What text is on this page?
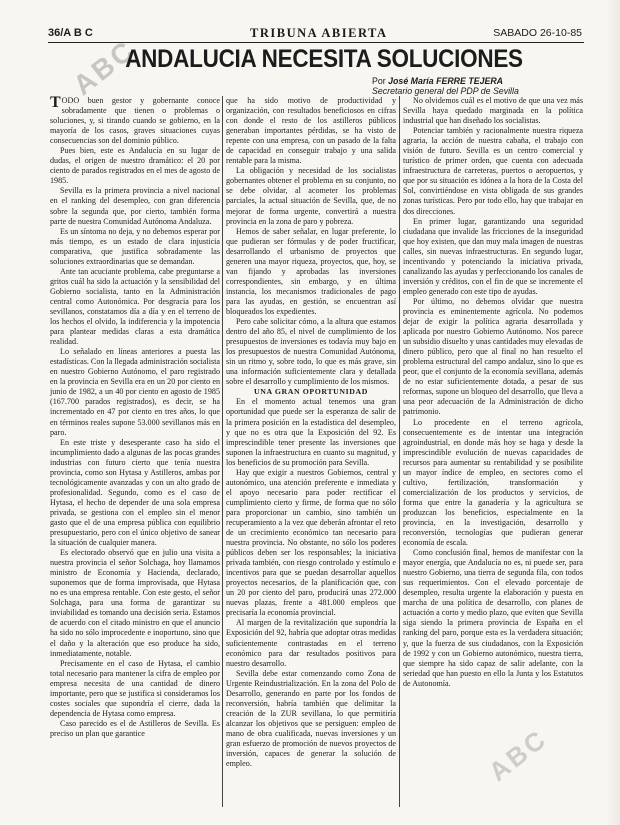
ABC
36/A B C	TRIBUNA ABIERTA	SABADO 26-10-85
ANDALUCIA NECESITA SOLUCIONES
Por José María FERRE TEJERA
Secretario general del PDP de Sevilla

TODO buen gestor y gobernante conoce sobradamente que tienen o problemas o soluciones, y, si tirando cuando se gobierno, en la mayoría de los casos, graves situaciones cuyas consecuencias son del dominio público.

Pues bien, este es Andalucía en su lugar de dudas, el origen de nuestro dramático: el 20 por ciento de parados registrados en el mes de agosto de 1985.

Sevilla es la primera provincia a nivel nacional en el ranking del desempleo, con gran diferencia sobre la segunda que, por cierto, también forma parte de nuestra Comunidad Autónoma Andaluza.

Es un síntoma no deja, y no debemos esperar por más tiempo, es un estado de clara injusticia comparativa, que justifica sobradamente las soluciones extraordinarias que se demandan.

Ante tan acuciante problema, cabe preguntarse a gritos cuál ha sido la actuación y la sensibilidad del Gobierno socialista, tanto en la Administración central como Autonómica. Por desgracia para los sevillanos, constatamos día a día y en el terreno de los hechos el olvido, la indiferencia y la impotencia para plantear medidas claras a esta dramática realidad.

Lo señalado en líneas anteriores a puesta las estadísticas. Con la llegada administración socialista en nuestro Gobierno Autónomo, el paro registrado en la provincia en Sevilla era en un 20 por ciento en junio de 1982, a un 40 por ciento en agosto de 1985 (167.700 parados registrados), es decir, se ha incrementado en 47 por ciento en tres años, lo que en términos reales supone 53.000 sevillanos más en paro.

En este triste y desesperante caso ha sido el incumplimiento dado a algunas de las pocas grandes industrias con futuro cierto que tenía nuestra provincia, como son Hytasa y Astilleros, ambas por tecnológicamente avanzadas y con un alto grado de profesionalidad. Segundo, como es el caso de Hytasa, el hecho de depender de una sola empresa privada, se gestiona con el empleo sin el menor gasto que el de una empresa pública con equilibrio presupuestario, pero con el único objetivo de sanear la situación de cualquier manera.

Es electorado observó que en julio una visita a nuestra provincia el señor Solchaga, hoy llamamos ministro de Economía y Hacienda, declarado, suponemos que de forma improvisada, que Hytasa no es una empresa rentable. Con este gesto, el señor Solchaga, para una forma de garantizar su inviabilidad es tomando una decisión seria. Estamos de acuerdo con el citado ministro en que el anuncio ha sido no sólo improcedente e inoportuno, sino que el daño y la alteración que eso produce ha sido, inmediatamente, notable.

Precisamente en el caso de Hytasa, el cambio total necesario para mantener la cifra de empleo por empresa necesita de una cantidad de dinero importante, pero que se justifica si consideramos los costes sociales que supondría el cierre, dada la dependencia de Hytasa como empresa.

Caso parecido es el de Astilleros de Sevilla. Es preciso un plan que garantice

que ha sido motivo de productividad y organización, con resultados beneficiosos en cifras con donde el resto de los astilleros públicos generaban importantes pérdidas, se ha visto de repente con una empresa, con un pasado de la falta de capacidad en conseguir trabajo y una salida rentable para la misma.

La obligación y necesidad de los socialistas gobernantes obtener el problema en su conjunto, no se debe olvidar, al acometer los problemas parciales, la actual situación de Sevilla, que, de no mejorar de forma urgente, convertirá a nuestra provincia en la zona de paro y pobreza.

Hemos de saber señalar, en lugar preferente, lo que pudieran ser fórmulas y de poder fructificar, desarrollando el urbanismo de proyectos que generen una mayor riqueza, proyectos, que, hoy, se van fijando y aprobadas las inversiones correspondientes, sin embargo, y en última instancia, los mecanismos tradicionales de pago para las ayudas, en gestión, se encuentran así bloqueados los expedientes.

Pero cabe solicitar cómo, a la altura que estamos dentro del año 85, el nivel de cumplimiento de los presupuestos de inversiones es todavía muy bajo en los presupuestos de nuestra Comunidad Autónoma, sin un ritmo y, sobre todo, lo que es más grave, sin una información suficientemente clara y detallada sobre el desarrollo y cumplimiento de los mismos.

UNA GRAN OPORTUNIDAD

En el momento actual tenemos una gran oportunidad que puede ser la esperanza de salir de la primera posición en la estadística del desempleo, y que no es otra que la Exposición del 92. Es imprescindible tener presente las inversiones que suponen la infraestructura en cuanto su magnitud, y los beneficios de su promoción para Sevilla.

Hay que exigir a nuestros Gobiernos, central y autonómico, una atención preferente e inmediata y el apoyo necesario para poder rectificar el cumplimiento cierto y firme, de forma que no sólo para proporcionar un cambio, sino también un recuperamiento a la vez que deberán afrontar el reto de un crecimiento económico tan necesario para nuestra provincia. No obstante, no sólo los poderes públicos deben ser los responsables; la iniciativa privada también, con riesgo controlado y estímulo e incentivos para que se puedan desarrollar aquellos proyectos necesarios, de la planificación que, con un 20 por ciento del paro, producirá unas 272.000 nuevas plazas, frente a 481.000 empleos que precisaría la economía provincial.

Al margen de la revitalización que supondría la Exposición del 92, habría que adoptar otras medidas suficientemente contrastadas en el terreno económico para dar resultados positivos para nuestro desarrollo.

Sevilla debe estar comenzando como Zona de Urgente Reindustrialización. En la zona del Polo de Desarrollo, generando en parte por los fondos de reconversión, habría también que delimitar la creación de la ZUR sevillana, lo que permitiría alcanzar los objetivos que se persiguen: empleo de mano de obra cualificada, nuevas inversiones y un gran esfuerzo de promoción de nuevos proyectos de inversión, capaces de generar la solución de empleo.

No olvidemos cuál es el motivo de que una vez más Sevilla haya quedado marginada en la política industrial que han diseñado los socialistas.

Potenciar también y racionalmente nuestra riqueza agraria, la acción de nuestra cabaña, el trabajo con visión de futuro. Sevilla es un centro comercial y turístico de primer orden, que cuenta con adecuada infraestructura de carreteras, puertos o aeropuertos, y que por su situación es idónea a la hora de la Costa del Sol, convirtiéndose en vista obligada de sus grandes zonas turísticas. Pero por todo ello, hay que trabajar en dos direcciones.

En primer lugar, garantizando una seguridad ciudadana que invalide las fricciones de la inseguridad que hoy existen, que dan muy mala imagen de nuestras calles, sin nuevas infraestructuras. En segundo lugar, incentivando y potenciando la iniciativa privada, canalizando las ayudas y perfeccionando los canales de inversión y créditos, con el fin de que se incremente el empleo generado con este tipo de ayudas.

Por último, no debemos olvidar que nuestra provincia es eminentemente agrícola. No podemos dejar de exigir la política agraria desarrollada y aplicada por nuestro Gobierno Autónomo. Nos parece un subsidio disuelto y unas cantidades muy elevadas de dinero público, pero que al final no han resuelto el problema estructural del campo andaluz, sino lo que es peor, que el conjunto de la economía sevillana, además de no estar suficientemente dotada, a pesar de sus reformas, supone un bloqueo del desarrollo, que lleva a una peor adecuación de la Administración de dicho patrimonio.

Lo procedente en el terreno agrícola, consecuentemente es de intentar una integración agroindustrial, en donde más hoy se haga y desde la imprescindible evolución de nuevas capacidades de recursos para aumentar su rentabilidad y se posibilite un mayor índice de empleo, en sectores como el cultivo, fertilización, transformación y comercialización de los productos y servicios, de forma que entre la ganadería y la agricultura se produzcan los beneficios, especialmente en la provincia, en la investigación, desarrollo y reconversión, tecnologías que pudieran generar economía de escala.

Como conclusión final, hemos de manifestar con la mayor energía, que Andalucía no es, ni puede ser, para nuestro Gobierno, una tierra de segunda fila, con todos sus requerimientos. Con el elevado porcentaje de desempleo, resulta urgente la elaboración y puesta en marcha de una política de desarrollo, con planes de actuación a corto y medio plazo, que eviten que Sevilla siga siendo la primera provincia de España en el ranking del paro, porque esta es la verdadera situación; y, que la fuerza de sus ciudadanos, con la Exposición de 1992 y con un Gobierno autonómico, nuestra tierra, que siempre ha sido capaz de salir adelante, con la seriedad que han puesto en ello la Junta y los Estatutos de Autonomía.

ABC
